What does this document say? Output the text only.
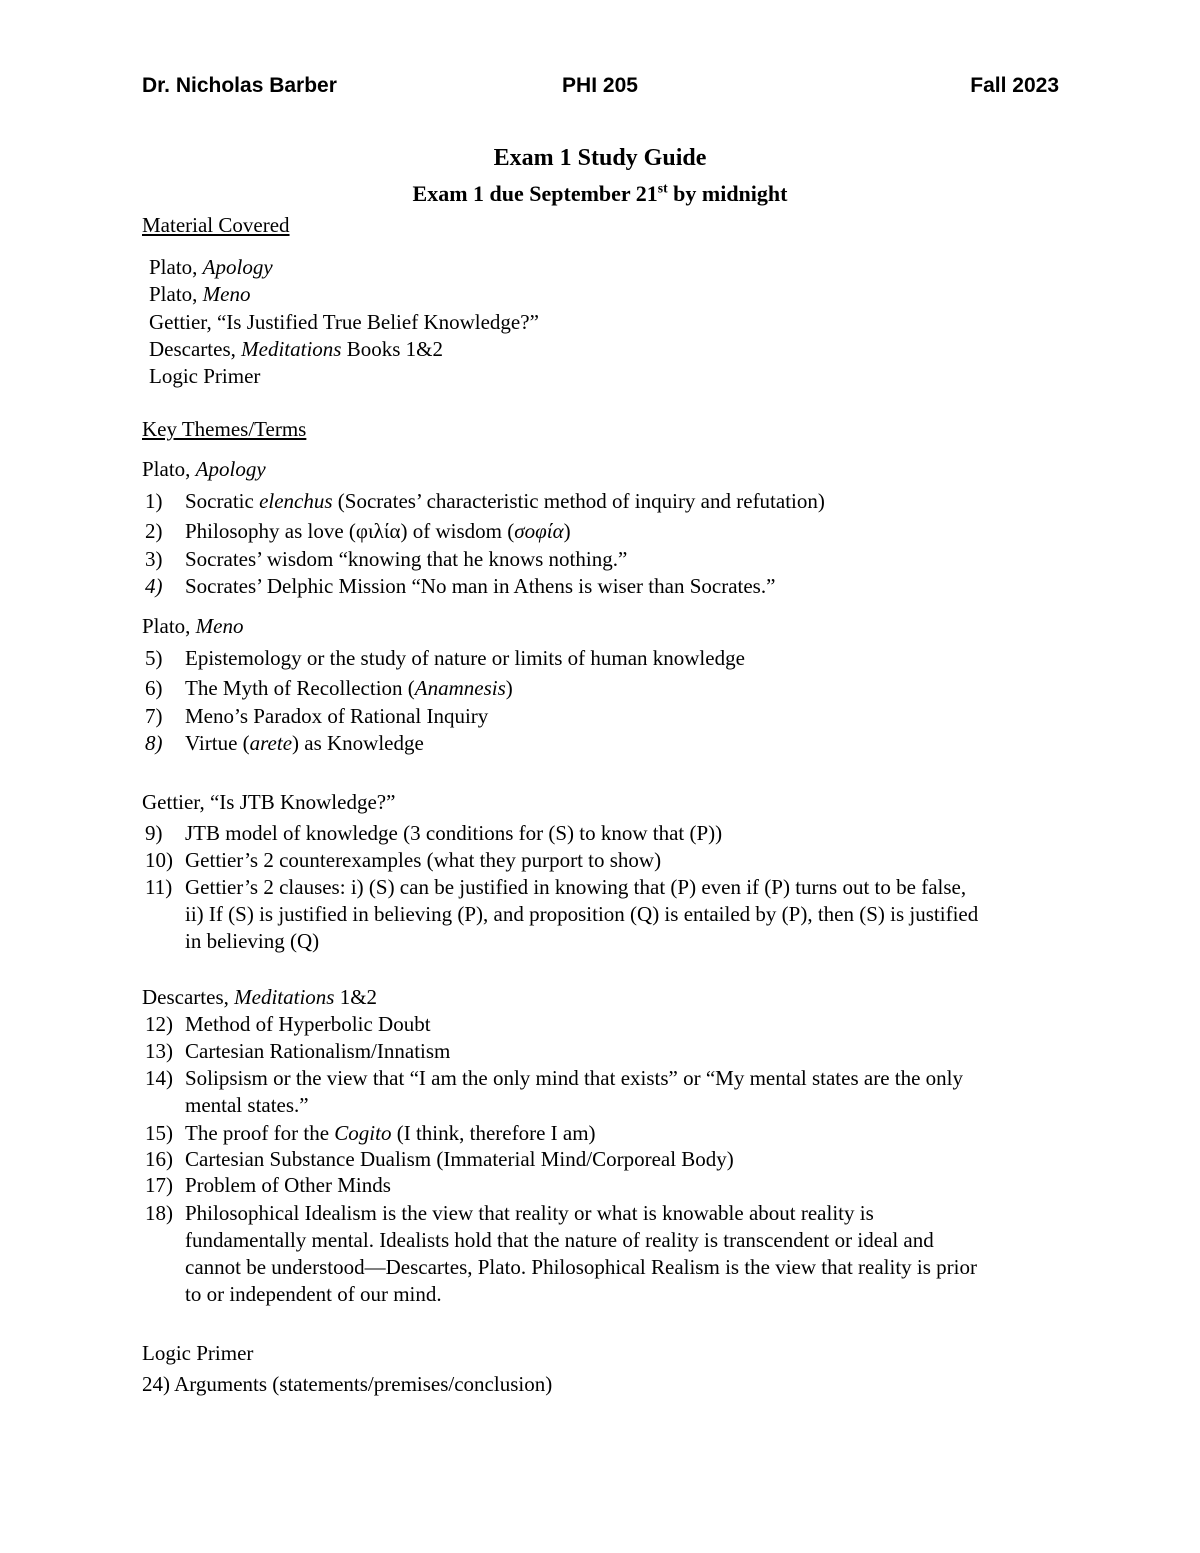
Dr. Nicholas Barber	PHI 205	Fall 2023
Exam 1 Study Guide
Exam 1 due September 21st by midnight
Material Covered
Plato, Apology
Plato, Meno
Gettier, “Is Justified True Belief Knowledge?”
Descartes, Meditations Books 1&2
Logic Primer
Key Themes/Terms
Plato, Apology
1) Socratic elenchus (Socrates’ characteristic method of inquiry and refutation)
2) Philosophy as love (φιλία) of wisdom (σοφία)
3) Socrates’ wisdom “knowing that he knows nothing.”
4) Socrates’ Delphic Mission “No man in Athens is wiser than Socrates.”
Plato, Meno
5) Epistemology or the study of nature or limits of human knowledge
6) The Myth of Recollection (Anamnesis)
7) Meno’s Paradox of Rational Inquiry
8) Virtue (arete) as Knowledge
Gettier, “Is JTB Knowledge?”
9) JTB model of knowledge (3 conditions for (S) to know that (P))
10) Gettier’s 2 counterexamples (what they purport to show)
11) Gettier’s 2 clauses: i) (S) can be justified in knowing that (P) even if (P) turns out to be false,
ii) If (S) is justified in believing (P), and proposition (Q) is entailed by (P), then (S) is justified
in believing (Q)
Descartes, Meditations 1&2
12) Method of Hyperbolic Doubt
13) Cartesian Rationalism/Innatism
14) Solipsism or the view that “I am the only mind that exists” or “My mental states are the only
mental states.”
15) The proof for the Cogito (I think, therefore I am)
16) Cartesian Substance Dualism (Immaterial Mind/Corporeal Body)
17) Problem of Other Minds
18) Philosophical Idealism is the view that reality or what is knowable about reality is
fundamentally mental. Idealists hold that the nature of reality is transcendent or ideal and
cannot be understood—Descartes, Plato. Philosophical Realism is the view that reality is prior
to or independent of our mind.
Logic Primer
24) Arguments (statements/premises/conclusion)
